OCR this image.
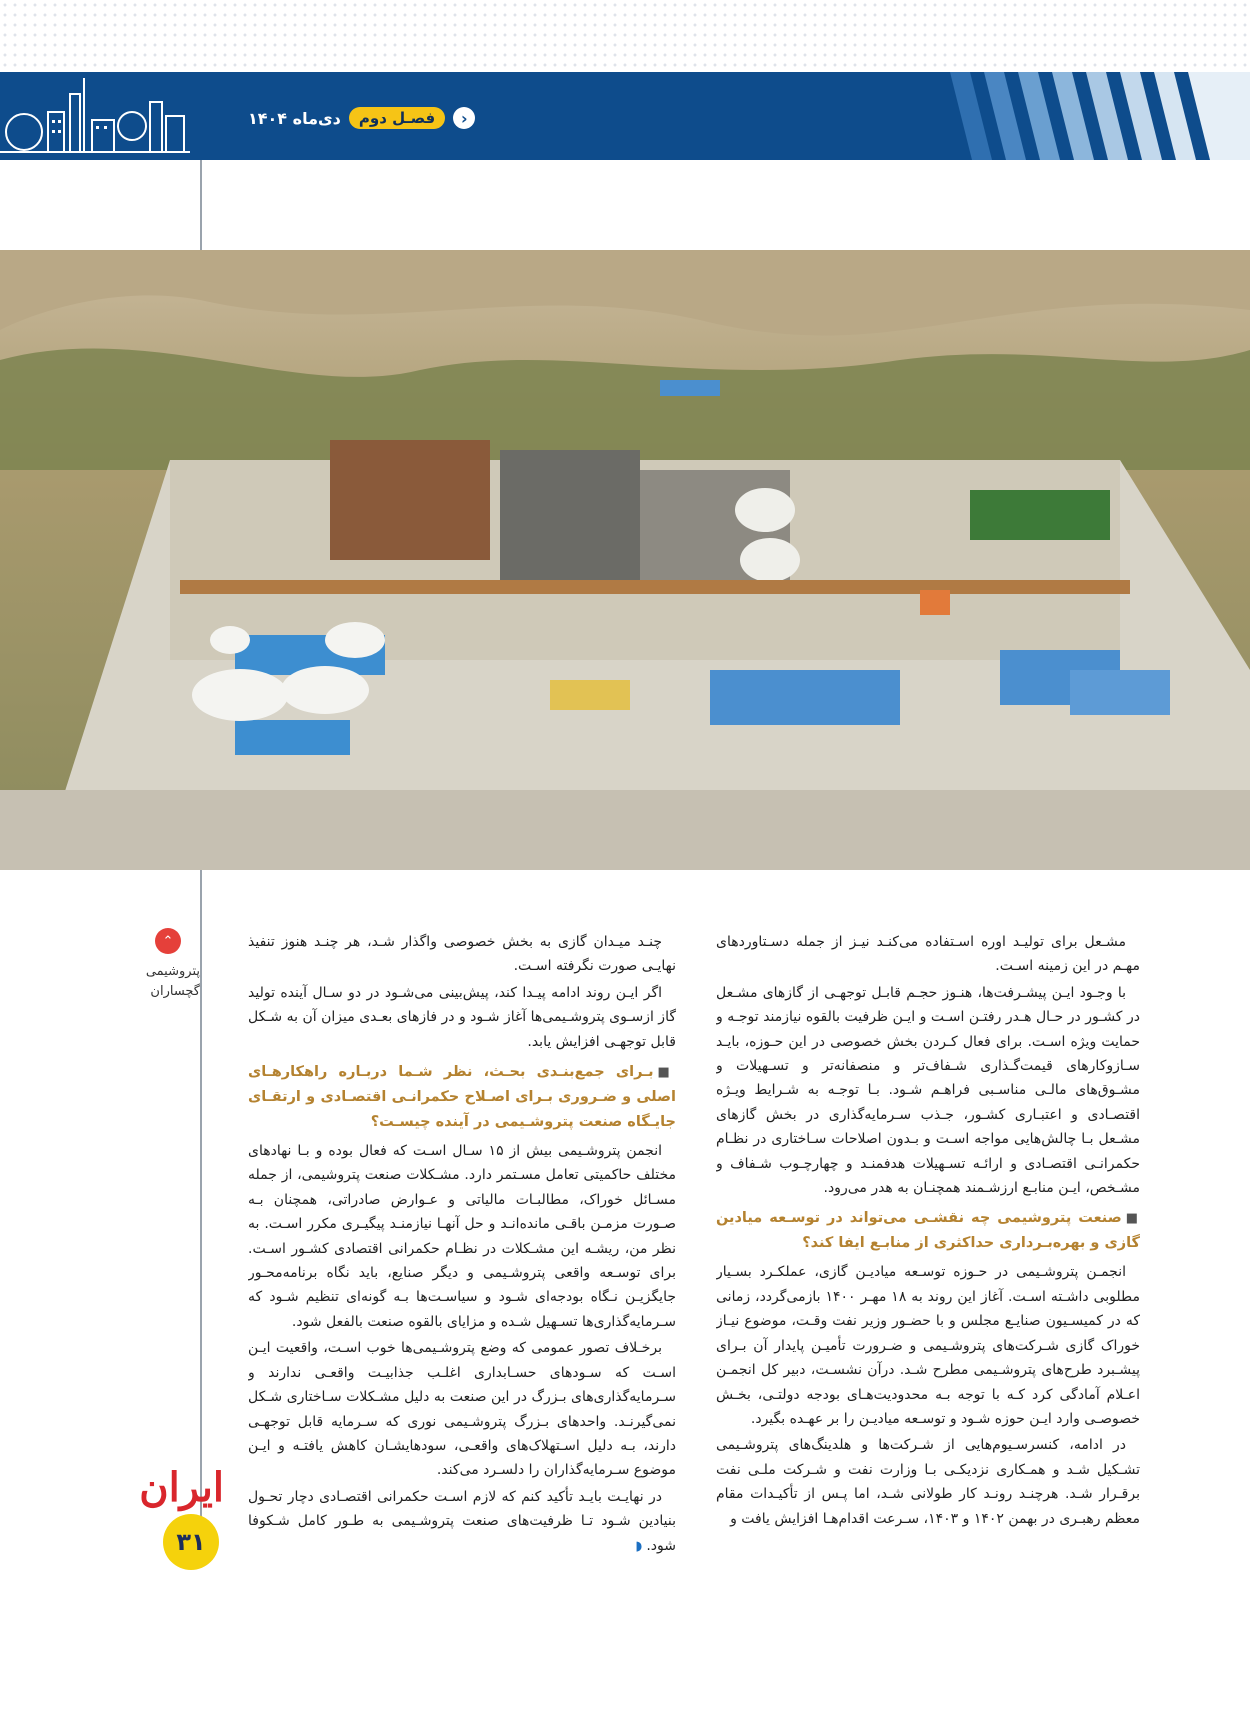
‹
فصـل دوم
دی‌ماه ۱۴۰۴
⌃
پتروشیمی
گچساران
ایران
۳۱

مشـعل برای تولیـد اوره اسـتفاده می‌کنـد نیـز از جمله دسـتاوردهای مهـم در این زمینه اسـت.

با وجـود ایـن پیشـرفت‌ها، هنـوز حجـم قابـل توجهـی از گازهای مشـعل در کشـور در حـال هـدر رفتـن اسـت و ایـن ظرفیت بالقوه نیازمند توجـه و حمایت ویژه اسـت. برای فعال کـردن بخش خصوصی در این حـوزه، بایـد سـازوکارهای قیمت‌گـذاری شـفاف‌تر و منصفانه‌تر و تسـهیلات و مشـوق‌های مالـی مناسـبی فراهـم شـود. بـا توجـه به شـرایط ویـژه اقتصـادی و اعتبـاری کشـور، جـذب سـرمایه‌گذاری در بخش گازهای مشـعل بـا چالش‌هایی مواجه اسـت و بـدون اصلاحات سـاختاری در نظـام حکمرانـی اقتصـادی و ارائـه تسـهیلات هدفمنـد و چهارچـوب شـفاف و مشـخص، ایـن منابـع ارزشـمند همچنـان به هدر می‌رود.

■صنعت پتروشیمی چه نقشـی می‌تواند در توسـعه میادین گازی و بهره‌بـرداری حداکثری از منابـع ایفا کند؟

انجمـن پتروشـیمی در حـوزه توسـعه میادیـن گازی، عملکـرد بسـیار مطلوبی داشـته اسـت. آغاز این روند به ۱۸ مهـر ۱۴۰۰ بازمی‌گردد، زمانی که در کمیسـیون صنایـع مجلس و با حضـور وزیر نفت وقـت، موضوع نیـاز خوراک گازی شـرکت‌های پتروشـیمی و ضـرورت تأمیـن پایدار آن بـرای پیشـبرد طرح‌های پتروشـیمی مطرح شـد. درآن نشسـت، دبیر کل انجمـن اعـلام آمادگی کرد کـه با توجه بـه محدودیت‌هـای بودجه دولتـی، بخـش خصوصـی وارد ایـن حوزه شـود و توسـعه میادیـن را بر عهـده بگیرد.

در ادامه، کنسرسـیوم‌هایی از شـرکت‌ها و هلدینگ‌های پتروشـیمی تشـکیل شـد و همـکاری نزدیکـی بـا وزارت نفت و شـرکت ملـی نفت برقـرار شـد. هرچنـد رونـد کار طولانی شـد، اما پـس از تأکیـدات مقام معظم رهبـری در بهمن ۱۴۰۲ و ۱۴۰۳، سـرعت اقدام‌هـا افزایش یافت و

چنـد میـدان گازی به بخش خصوصی واگذار شـد، هر چنـد هنوز تنفیذ نهایـی صورت نگرفته اسـت.

اگر ایـن روند ادامه پیـدا کند، پیش‌بینی می‌شـود در دو سـال آینده تولید گاز ازسـوی پتروشـیمی‌ها آغاز شـود و در فازهای بعـدی میزان آن به شـکل قابل توجهـی افزایش یابد.

■بـرای جمع‌بنـدی بحـث، نظر شـما دربـاره راهکارهـای اصلی و ضـروری بـرای اصـلاح حکمرانـی اقتصـادی و ارتقـای جایـگاه صنعت پتروشـیمی در آینده چیسـت؟

انجمن پتروشـیمی بیش از ۱۵ سـال اسـت که فعال بوده و بـا نهادهای مختلف حاکمیتی تعامل مسـتمر دارد. مشـکلات صنعت پتروشیمی، از جمله مسـائل خوراک، مطالبـات مالیاتی و عـوارض صادراتی، همچنان بـه صـورت مزمـن باقـی مانده‌انـد و حل آنهـا نیازمنـد پیگیـری مکرر اسـت. به نظر من، ریشـه این مشـکلات در نظـام حکمرانی اقتصادی کشـور اسـت. برای توسـعه واقعی پتروشـیمی و دیگر صنایع، باید نگاه برنامه‌محـور جایگزیـن نـگاه بودجه‌ای شـود و سیاسـت‌ها بـه گونه‌ای تنظیم شـود که سـرمایه‌گذاری‌ها تسـهیل شـده و مزایای بالقوه صنعت بالفعل شود.

برخـلاف تصور عمومی که وضع پتروشـیمی‌ها خوب اسـت، واقعیت ایـن اسـت که سـودهای حسـابداری اغلـب جذابیـت واقعـی ندارند و سـرمایه‌گذاری‌های بـزرگ در این صنعت به دلیل مشـکلات سـاختاری شـکل نمی‌گیرنـد. واحدهای بـزرگ پتروشـیمی نوری که سـرمایه قابل توجهـی دارند، بـه دلیل اسـتهلاک‌های واقعـی، سودهایشـان کاهش یافتـه و ایـن موضوع سـرمایه‌گذاران را دلسـرد می‌کند.

در نهایـت بایـد تأکید کنم که لازم اسـت حکمرانی اقتصـادی دچار تحـول بنیادین شـود تـا ظرفیت‌های صنعت پتروشـیمی به طـور کامل شـکوفا شود.◗
